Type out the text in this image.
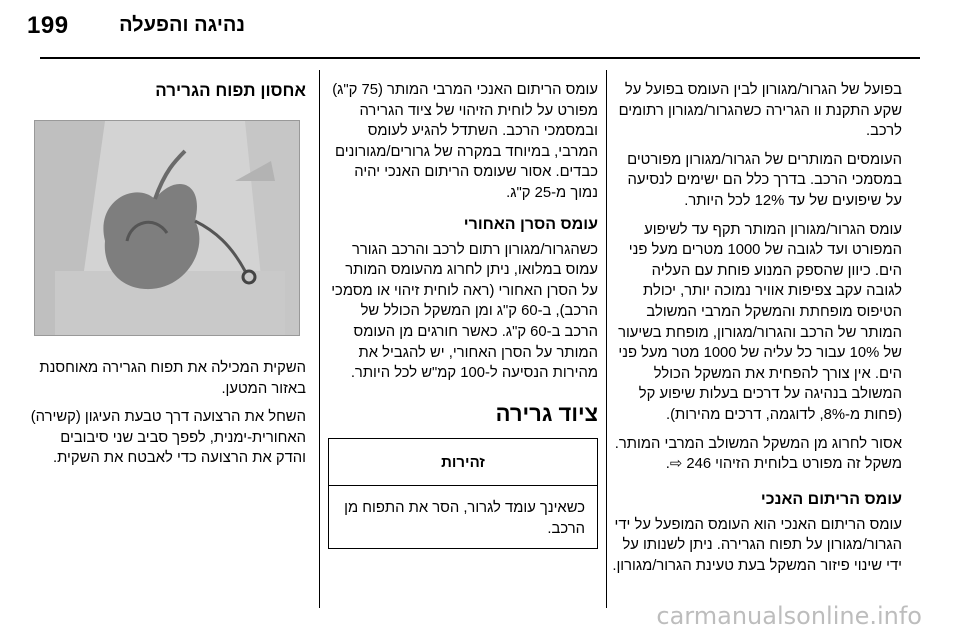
199	נהיגה והפעלה

בפועל של הגרור/מגורון לבין העומס בפועל על שקע התקנת וו הגרירה כשהגרור/מגורון רתומים לרכב.

העומסים המותרים של הגרור/מגורון מפורטים במסמכי הרכב. בדרך כלל הם ישימים לנסיעה על שיפועים של עד 12% לכל היותר.

עומס הגרור/מגורון המותר תקף עד לשיפוע המפורט ועד לגובה של 1000 מטרים מעל פני הים. כיוון שהספק המנוע פוחת עם העליה לגובה עקב צפיפות אוויר נמוכה יותר, יכולת הטיפוס מופחתת והמשקל המרבי המשולב המותר של הרכב והגרור/מגורון, מופחת בשיעור של 10% עבור כל עליה של 1000 מטר מעל פני הים. אין צורך להפחית את המשקל הכולל המשולב בנהיגה על דרכים בעלות שיפוע קל (פחות מ-8%, לדוגמה, דרכים מהירות).

אסור לחרוג מן המשקל המשולב המרבי המותר. משקל זה מפורט בלוחית הזיהוי 246 ⇨.

עומס הריתום האנכי

עומס הריתום האנכי הוא העומס המופעל על ידי הגרור/מגורון על תפוח הגרירה. ניתן לשנותו על ידי שינוי פיזור המשקל בעת טעינת הגרור/מגורון.

עומס הריתום האנכי המרבי המותר (75 ק"ג) מפורט על לוחית הזיהוי של ציוד הגרירה ובמסמכי הרכב. השתדל להגיע לעומס המרבי, במיוחד במקרה של גרורים/מגורונים כבדים. אסור שעומס הריתום האנכי יהיה נמוך מ-25 ק"ג.

עומס הסרן האחורי

כשהגרור/מגורון רתום לרכב והרכב הגורר עמוס במלואו, ניתן לחרוג מהעומס המותר על הסרן האחורי (ראה לוחית זיהוי או מסמכי הרכב), ב-60 ק"ג ומן המשקל הכולל של הרכב ב-60 ק"ג. כאשר חורגים מן העומס המותר על הסרן האחורי, יש להגביל את מהירות הנסיעה ל-100 קמ"ש לכל היותר.

ציוד גרירה
זהירות
כשאינך עומד לגרור, הסר את התפוח מן הרכב.
אחסון תפוח הגרירה

השקית המכילה את תפוח הגרירה מאוחסנת באזור המטען.

השחל את הרצועה דרך טבעת העיגון (קשירה) האחורית-ימנית, לפפך סביב שני סיבובים והדק את הרצועה כדי לאבטח את השקית.

carmanualsonline.info
